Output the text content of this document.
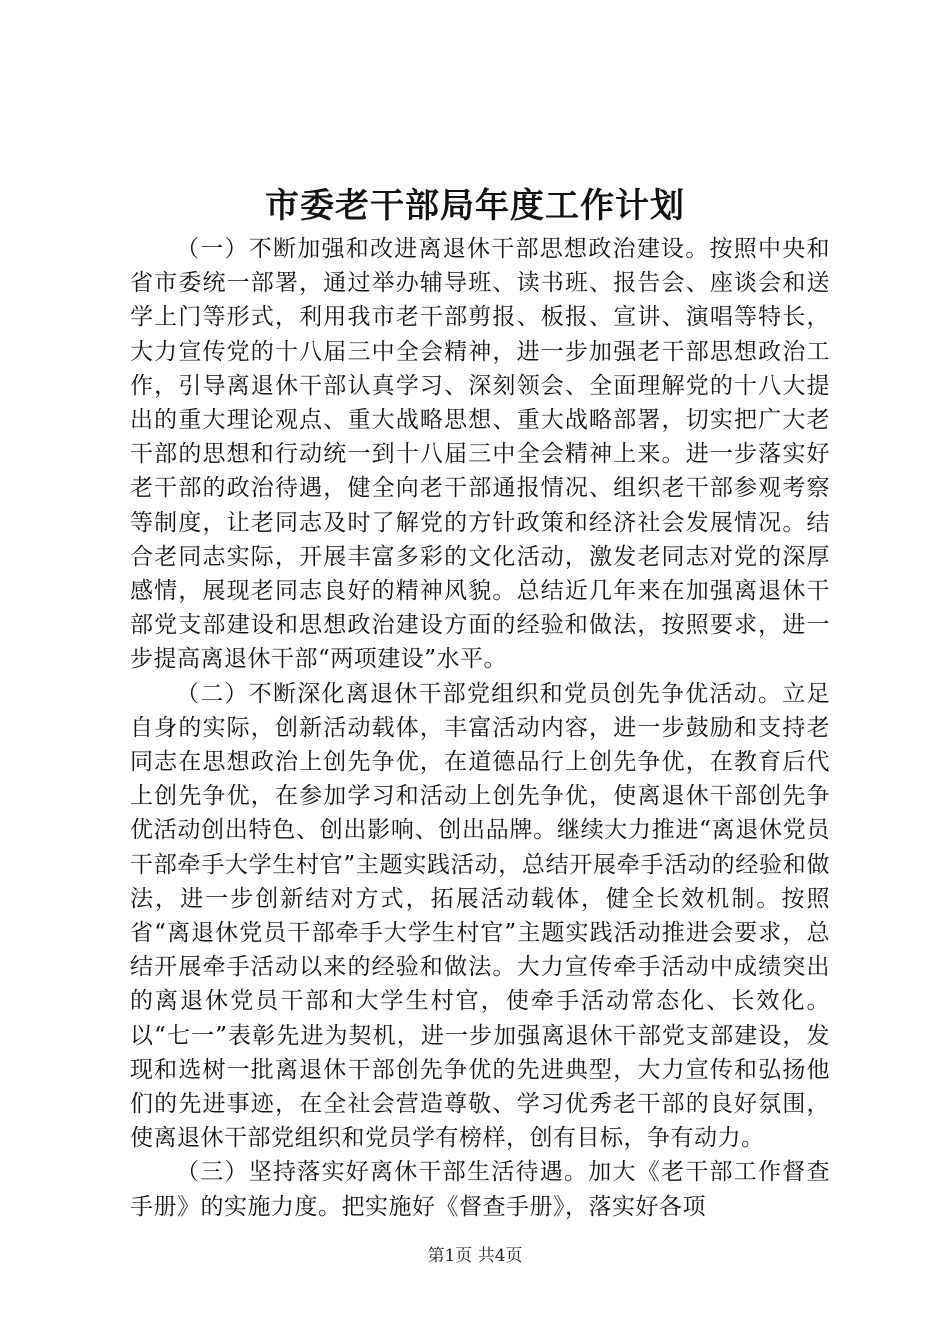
市委老干部局年度工作计划

（一）不断加强和改进离退休干部思想政治建设。按照中央和省市委统一部署，通过举办辅导班、读书班、报告会、座谈会和送学上门等形式，利用我市老干部剪报、板报、宣讲、演唱等特长，大力宣传党的十八届三中全会精神，进一步加强老干部思想政治工作，引导离退休干部认真学习、深刻领会、全面理解党的十八大提出的重大理论观点、重大战略思想、重大战略部署，切实把广大老干部的思想和行动统一到十八届三中全会精神上来。进一步落实好老干部的政治待遇，健全向老干部通报情况、组织老干部参观考察等制度，让老同志及时了解党的方针政策和经济社会发展情况。结合老同志实际，开展丰富多彩的文化活动，激发老同志对党的深厚感情，展现老同志良好的精神风貌。总结近几年来在加强离退休干部党支部建设和思想政治建设方面的经验和做法，按照要求，进一步提高离退休干部“两项建设”水平。

（二）不断深化离退休干部党组织和党员创先争优活动。立足自身的实际，创新活动载体，丰富活动内容，进一步鼓励和支持老同志在思想政治上创先争优，在道德品行上创先争优，在教育后代上创先争优，在参加学习和活动上创先争优，使离退休干部创先争优活动创出特色、创出影响、创出品牌。继续大力推进“离退休党员干部牵手大学生村官”主题实践活动，总结开展牵手活动的经验和做法，进一步创新结对方式，拓展活动载体，健全长效机制。按照省“离退休党员干部牵手大学生村官”主题实践活动推进会要求，总结开展牵手活动以来的经验和做法。大力宣传牵手活动中成绩突出的离退休党员干部和大学生村官，使牵手活动常态化、长效化。以“七一”表彰先进为契机，进一步加强离退休干部党支部建设，发现和选树一批离退休干部创先争优的先进典型，大力宣传和弘扬他们的先进事迹，在全社会营造尊敬、学习优秀老干部的良好氛围，使离退休干部党组织和党员学有榜样，创有目标，争有动力。

（三）坚持落实好离休干部生活待遇。加大《老干部工作督查手册》的实施力度。把实施好《督查手册》，落实好各项

第1页 共4页
